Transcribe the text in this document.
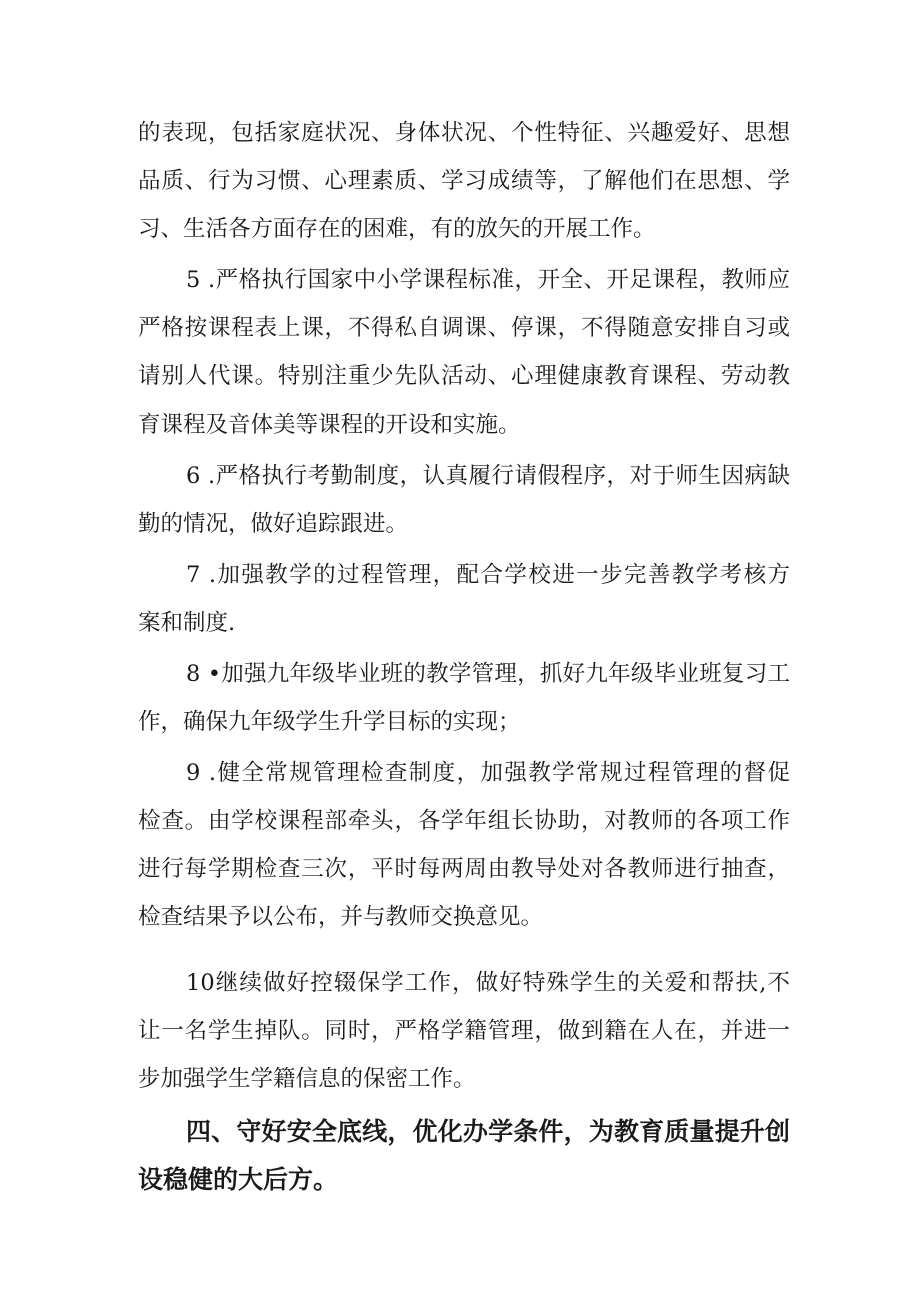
的表现，包括家庭状况、身体状况、个性特征、兴趣爱好、思想
品质、行为习惯、心理素质、学习成绩等，了解他们在思想、学
习、生活各方面存在的困难，有的放矢的开展工作。
5 .严格执行国家中小学课程标准，开全、开足课程，教师应
严格按课程表上课，不得私自调课、停课，不得随意安排自习或
请别人代课。特别注重少先队活动、心理健康教育课程、劳动教
育课程及音体美等课程的开设和实施。
6 .严格执行考勤制度，认真履行请假程序，对于师生因病缺
勤的情况，做好追踪跟进。
7 .加强教学的过程管理，配合学校进一步完善教学考核方
案和制度.
8 •加强九年级毕业班的教学管理，抓好九年级毕业班复习工
作，确保九年级学生升学目标的实现；
9 .健全常规管理检查制度，加强教学常规过程管理的督促
检查。由学校课程部牵头，各学年组长协助，对教师的各项工作
进行每学期检查三次，平时每两周由教导处对各教师进行抽查，
检查结果予以公布，并与教师交换意见。
10继续做好控辍保学工作，做好特殊学生的关爱和帮扶,不
让一名学生掉队。同时，严格学籍管理，做到籍在人在，并进一
步加强学生学籍信息的保密工作。
四、守好安全底线，优化办学条件，为教育质量提升创
设稳健的大后方。
